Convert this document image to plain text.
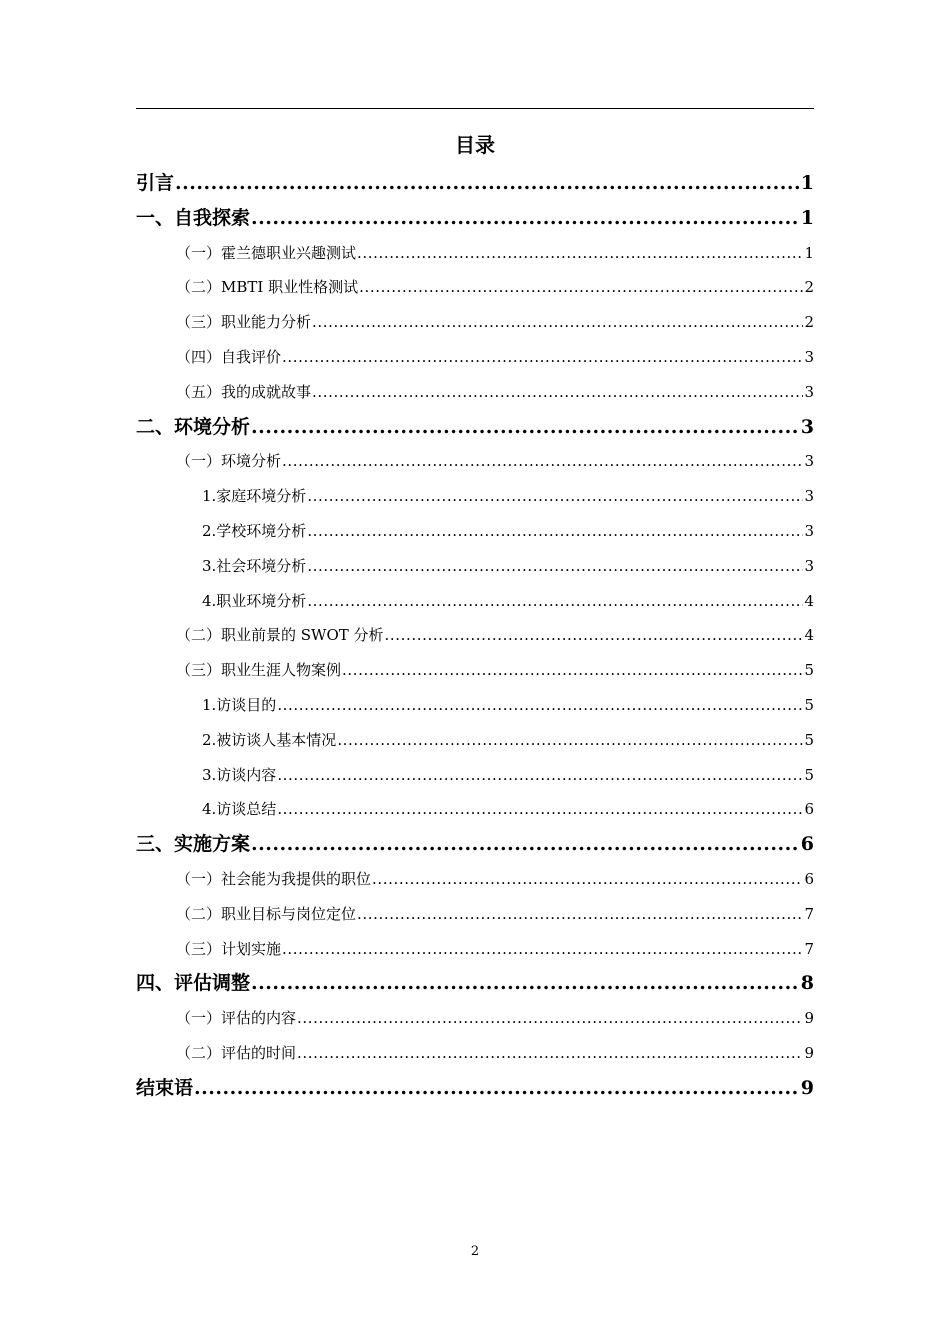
目录
引言 .....	1
一、自我探索 .....	1
（一）霍兰德职业兴趣测试 .....	1
（二）MBTI 职业性格测试 .....	2
（三）职业能力分析 .....	2
（四）自我评价 .....	3
（五）我的成就故事 .....	3
二、环境分析 .....	3
（一）环境分析 .....	3
1.家庭环境分析 .....	3
2.学校环境分析 .....	3
3.社会环境分析 .....	3
4.职业环境分析 .....	4
（二）职业前景的 SWOT 分析 .....	4
（三）职业生涯人物案例 .....	5
1.访谈目的 .....	5
2.被访谈人基本情况 .....	5
3.访谈内容 .....	5
4.访谈总结 .....	6
三、实施方案 .....	6
（一）社会能为我提供的职位 .....	6
（二）职业目标与岗位定位 .....	7
（三）计划实施 .....	7
四、评估调整 .....	8
（一）评估的内容 .....	9
（二）评估的时间 .....	9
结束语 .....	9
2
